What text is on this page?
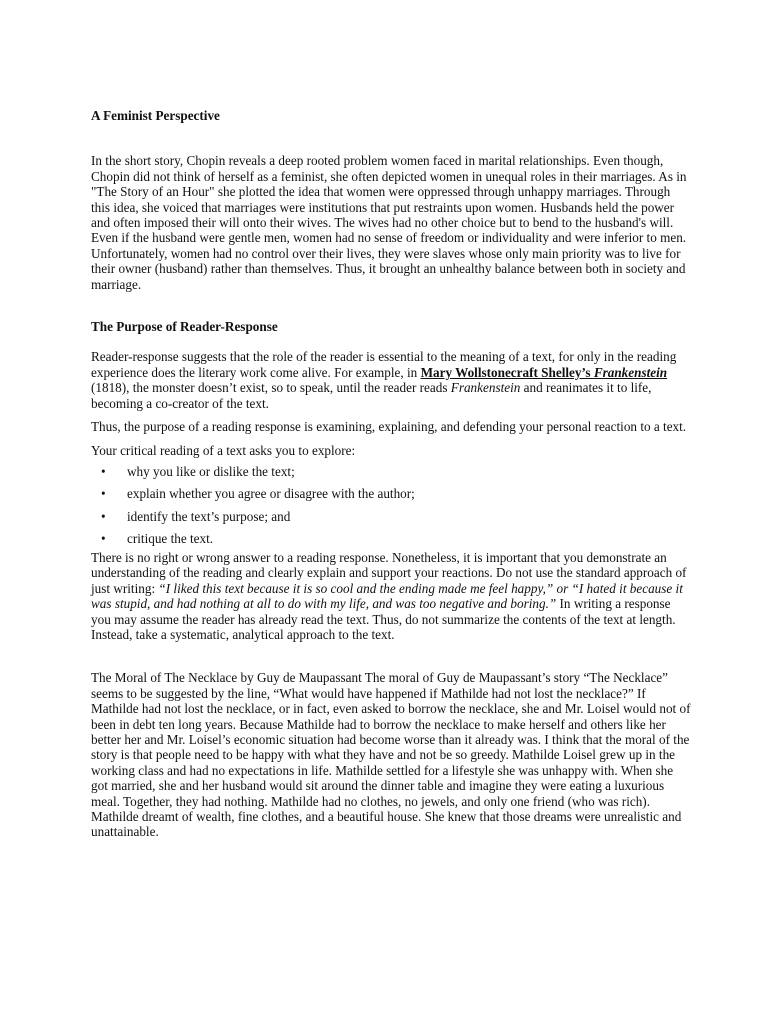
A Feminist Perspective

In the short story, Chopin reveals a deep rooted problem women faced in marital relationships. Even though, Chopin did not think of herself as a feminist, she often depicted women in unequal roles in their marriages. As in "The Story of an Hour" she plotted the idea that women were oppressed through unhappy marriages. Through this idea, she voiced that marriages were institutions that put restraints upon women. Husbands held the power and often imposed their will onto their wives. The wives had no other choice but to bend to the husband's will. Even if the husband were gentle men, women had no sense of freedom or individuality and were inferior to men. Unfortunately, women had no control over their lives, they were slaves whose only main priority was to live for their owner (husband) rather than themselves. Thus, it brought an unhealthy balance between both in society and marriage.

The Purpose of Reader-Response

Reader-response suggests that the role of the reader is essential to the meaning of a text, for only in the reading experience does the literary work come alive. For example, in Mary Wollstonecraft Shelley’s Frankenstein (1818), the monster doesn’t exist, so to speak, until the reader reads Frankenstein and reanimates it to life, becoming a co-creator of the text.

Thus, the purpose of a reading response is examining, explaining, and defending your personal reaction to a text.

Your critical reading of a text asks you to explore:

• why you like or dislike the text;
• explain whether you agree or disagree with the author;
• identify the text’s purpose; and
• critique the text.

There is no right or wrong answer to a reading response. Nonetheless, it is important that you demonstrate an understanding of the reading and clearly explain and support your reactions. Do not use the standard approach of just writing: “I liked this text because it is so cool and the ending made me feel happy,” or “I hated it because it was stupid, and had nothing at all to do with my life, and was too negative and boring.” In writing a response you may assume the reader has already read the text. Thus, do not summarize the contents of the text at length. Instead, take a systematic, analytical approach to the text.

The Moral of The Necklace by Guy de Maupassant The moral of Guy de Maupassant’s story “The Necklace” seems to be suggested by the line, “What would have happened if Mathilde had not lost the necklace?” If Mathilde had not lost the necklace, or in fact, even asked to borrow the necklace, she and Mr. Loisel would not of been in debt ten long years. Because Mathilde had to borrow the necklace to make herself and others like her better her and Mr. Loisel’s economic situation had become worse than it already was. I think that the moral of the story is that people need to be happy with what they have and not be so greedy. Mathilde Loisel grew up in the working class and had no expectations in life. Mathilde settled for a lifestyle she was unhappy with. When she got married, she and her husband would sit around the dinner table and imagine they were eating a luxurious meal. Together, they had nothing. Mathilde had no clothes, no jewels, and only one friend (who was rich). Mathilde dreamt of wealth, fine clothes, and a beautiful house. She knew that those dreams were unrealistic and unattainable.
